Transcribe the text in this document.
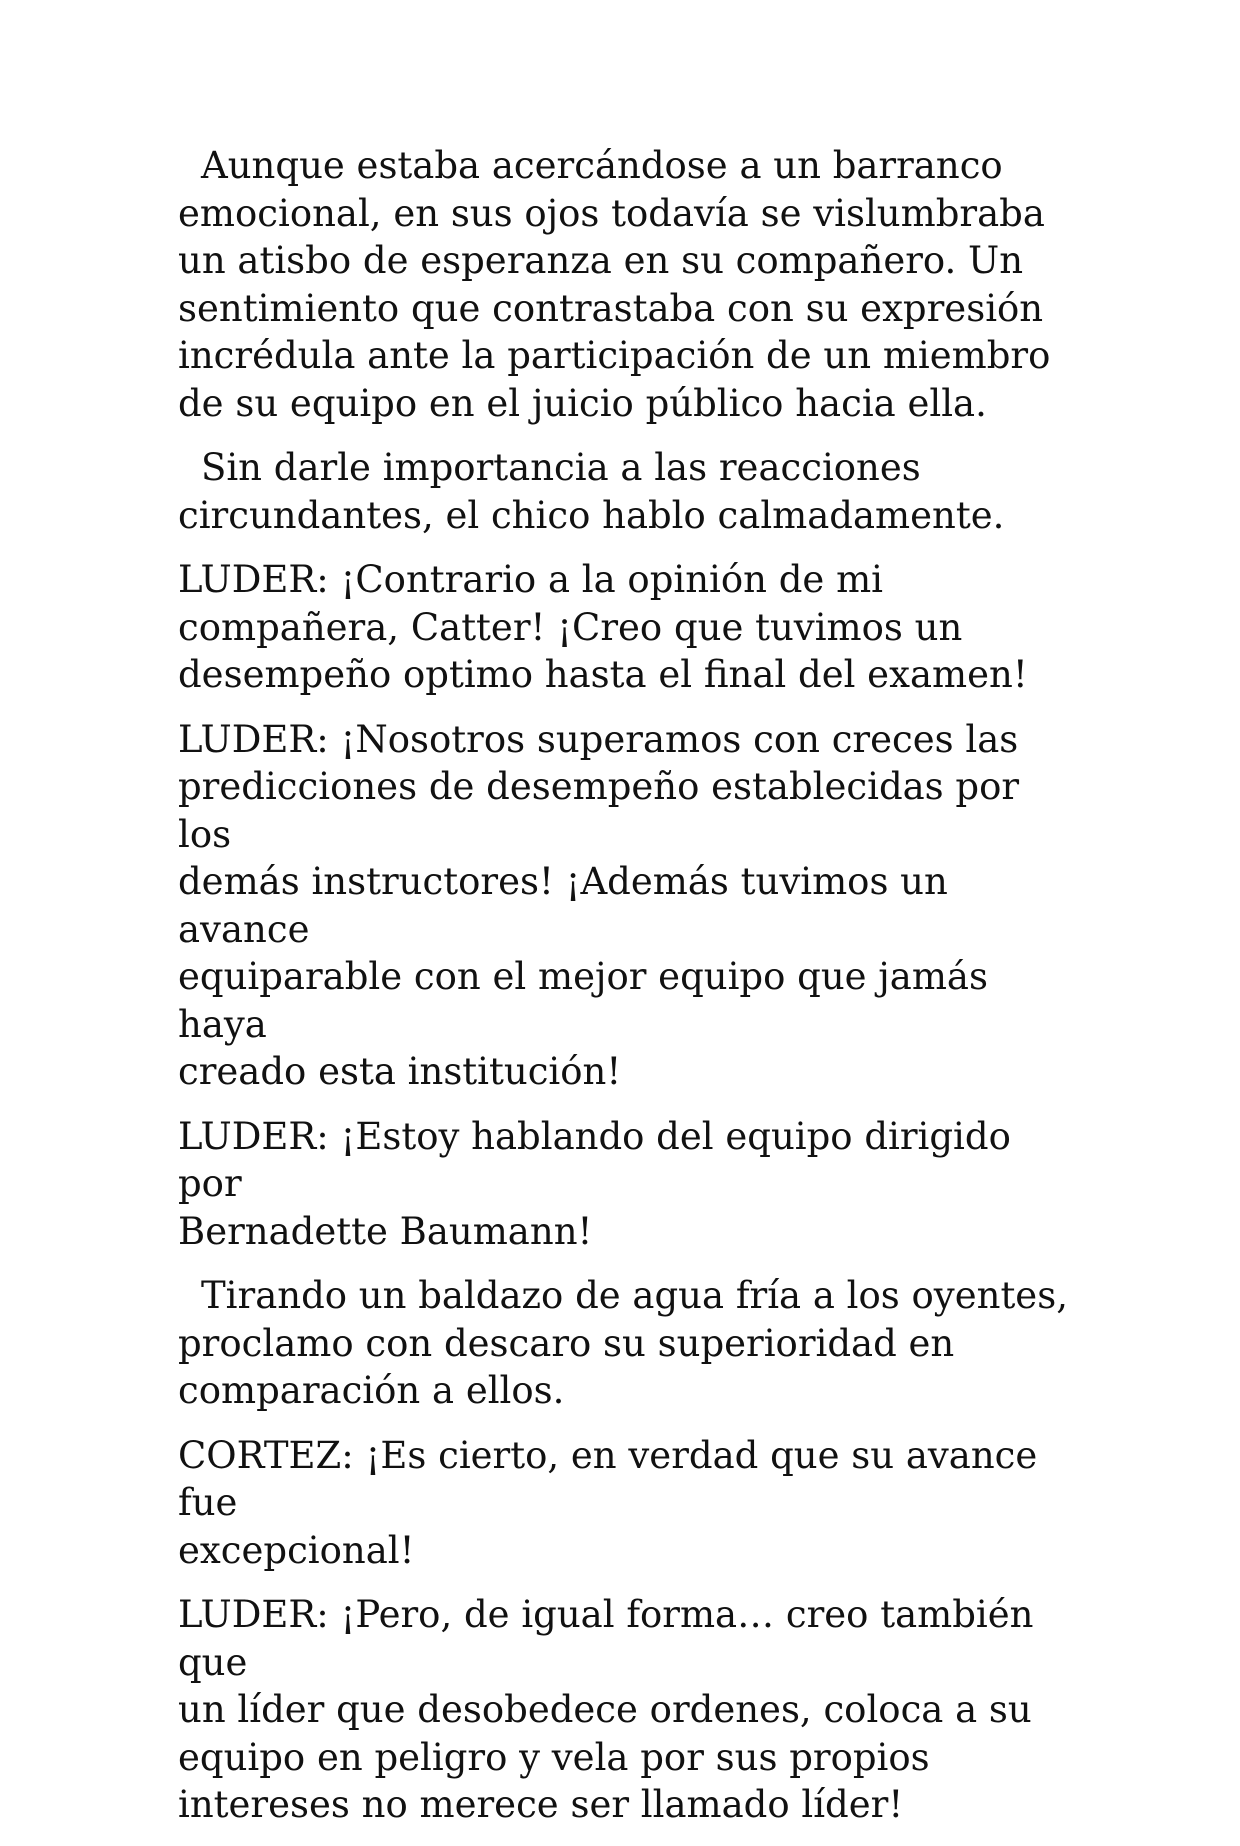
Aunque estaba acercándose a un barranco
emocional, en sus ojos todavía se vislumbraba
un atisbo de esperanza en su compañero. Un
sentimiento que contrastaba con su expresión
incrédula ante la participación de un miembro
de su equipo en el juicio público hacia ella.

Sin darle importancia a las reacciones
circundantes, el chico hablo calmadamente.

LUDER: ¡Contrario a la opinión de mi
compañera, Catter! ¡Creo que tuvimos un
desempeño optimo hasta el final del examen!

LUDER: ¡Nosotros superamos con creces las
predicciones de desempeño establecidas por los
demás instructores! ¡Además tuvimos un avance
equiparable con el mejor equipo que jamás haya
creado esta institución!

LUDER: ¡Estoy hablando del equipo dirigido por
Bernadette Baumann!

Tirando un baldazo de agua fría a los oyentes,
proclamo con descaro su superioridad en
comparación a ellos.

CORTEZ: ¡Es cierto, en verdad que su avance fue
excepcional!

LUDER: ¡Pero, de igual forma… creo también que
un líder que desobedece ordenes, coloca a su
equipo en peligro y vela por sus propios
intereses no merece ser llamado líder!
